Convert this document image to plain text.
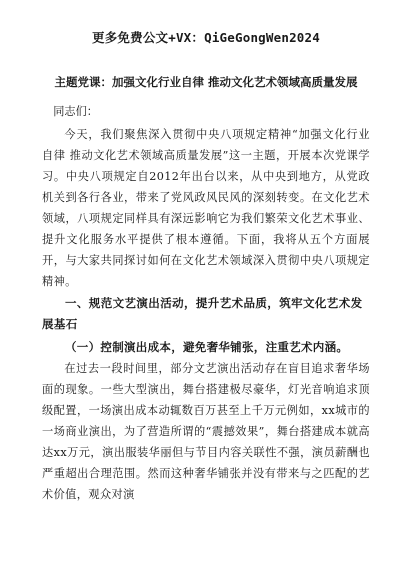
更多免费公文+VX：QiGeGongWen2024
主题党课：加强文化行业自律 推动文化艺术领域高质量发展
同志们：

今天，我们聚焦深入贯彻中央八项规定精神“加强文化行业自律 推动文化艺术领域高质量发展”这一主题，开展本次党课学习。中央八项规定自2012年出台以来，从中央到地方，从党政机关到各行各业，带来了党风政风民风的深刻转变。在文化艺术领域，八项规定同样具有深远影响它为我们繁荣文化艺术事业、提升文化服务水平提供了根本遵循。下面，我将从五个方面展开，与大家共同探讨如何在文化艺术领域深入贯彻中央八项规定精神。

一、规范文艺演出活动，提升艺术品质，筑牢文化艺术发展基石
（一）控制演出成本，避免奢华铺张，注重艺术内涵。

在过去一段时间里，部分文艺演出活动存在盲目追求奢华场面的现象。一些大型演出，舞台搭建极尽豪华，灯光音响追求顶级配置，一场演出成本动辄数百万甚至上千万元例如，xx城市的一场商业演出，为了营造所谓的“震撼效果”，舞台搭建成本就高达xx万元，演出服装华丽但与节目内容关联性不强，演员薪酬也严重超出合理范围。然而这种奢华铺张并没有带来与之匹配的艺术价值，观众对演
